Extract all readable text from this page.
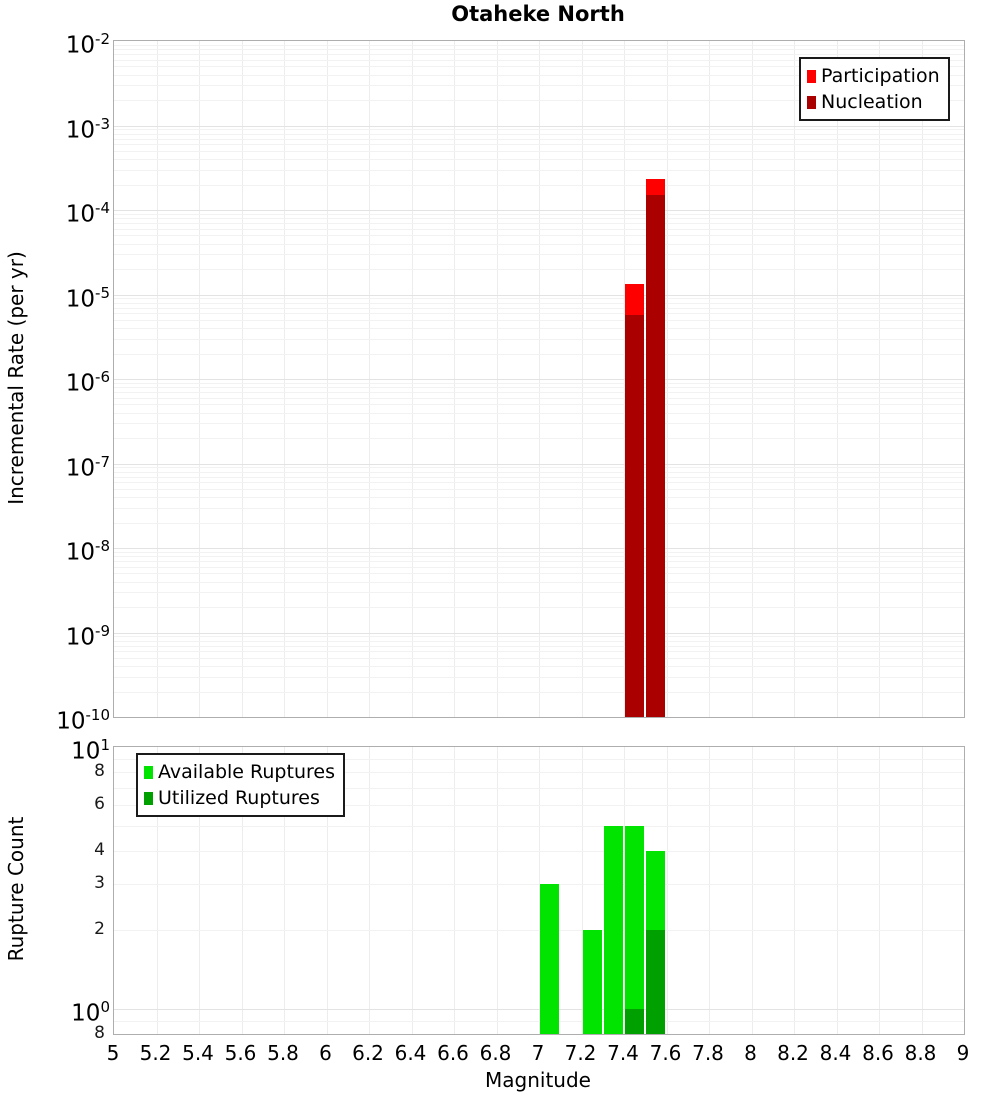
Otaheke North
Incremental Rate (per yr)
Rupture Count
$10^{-2}$
$10^{-3}$
$10^{-4}$
$10^{-5}$
$10^{-6}$
$10^{-7}$
$10^{-8}$
$10^{-9}$
$10^{-10}$
$10^1$
$10^0$
8
6
4
3
2
8
5	5.2 5.4 5.6 5.8	6	6.2 6.4 6.6 6.8	7	7.2 7.4 7.6 7.8	8	8.2 8.4 8.6 8.8	9
Magnitude
Participation
Nucleation
Available Ruptures
Utilized Ruptures
